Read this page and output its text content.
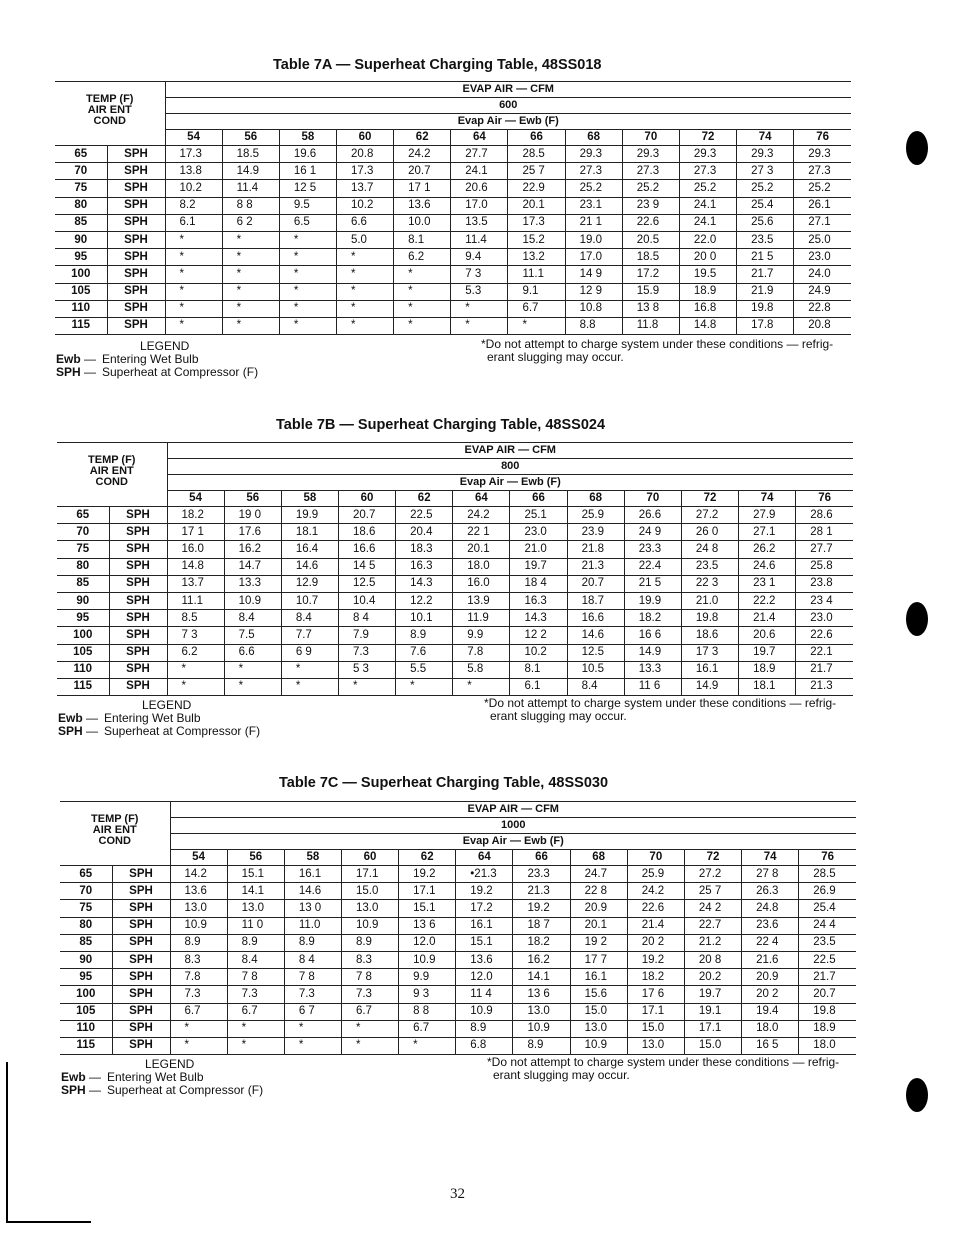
Table 7A — Superheat Charging Table, 48SS018
TEMP (F)
AIR ENT
COND		EVAP AIR — CFM											
		600											
		Evap Air — Ewb (F)											
		54	56	58	60	62	64	66	68	70	72	74	76
65	SPH	17.3	18.5	19.6	20.8	24.2	27.7	28.5	29.3	29.3	29.3	29.3	29.3
70	SPH	13.8	14.9	16 1	17.3	20.7	24.1	25 7	27.3	27.3	27.3	27 3	27.3
75	SPH	10.2	11.4	12 5	13.7	17 1	20.6	22.9	25.2	25.2	25.2	25.2	25.2
80	SPH	8.2	8 8	9.5	10.2	13.6	17.0	20.1	23.1	23 9	24.1	25.4	26.1
85	SPH	6.1	6 2	6.5	6.6	10.0	13.5	17.3	21 1	22.6	24.1	25.6	27.1
90	SPH	*	*	*	5.0	8.1	11.4	15.2	19.0	20.5	22.0	23.5	25.0
95	SPH	*	*	*	*	6.2	9.4	13.2	17.0	18.5	20 0	21 5	23.0
100	SPH	*	*	*	*	*	7 3	11.1	14 9	17.2	19.5	21.7	24.0
105	SPH	*	*	*	*	*	5.3	9.1	12 9	15.9	18.9	21.9	24.9
110	SPH	*	*	*	*	*	*	6.7	10.8	13 8	16.8	19.8	22.8
115	SPH	*	*	*	*	*	*	*	8.8	11.8	14.8	17.8	20.8
LEGEND
Ewb — Entering Wet Bulb
SPH — Superheat at Compressor (F)
*Do not attempt to charge system under these conditions — refrig-
erant slugging may occur.
Table 7B — Superheat Charging Table, 48SS024
TEMP (F)
AIR ENT
COND		EVAP AIR — CFM											
		800											
		Evap Air — Ewb (F)											
		54	56	58	60	62	64	66	68	70	72	74	76
65	SPH	18.2	19 0	19.9	20.7	22.5	24.2	25.1	25.9	26.6	27.2	27.9	28.6
70	SPH	17 1	17.6	18.1	18.6	20.4	22 1	23.0	23.9	24 9	26 0	27.1	28 1
75	SPH	16.0	16.2	16.4	16.6	18.3	20.1	21.0	21.8	23.3	24 8	26.2	27.7
80	SPH	14.8	14.7	14.6	14 5	16.3	18.0	19.7	21.3	22.4	23.5	24.6	25.8
85	SPH	13.7	13.3	12.9	12.5	14.3	16.0	18 4	20.7	21 5	22 3	23 1	23.8
90	SPH	11.1	10.9	10.7	10.4	12.2	13.9	16.3	18.7	19.9	21.0	22.2	23 4
95	SPH	8.5	8.4	8.4	8 4	10.1	11.9	14.3	16.6	18.2	19.8	21.4	23.0
100	SPH	7 3	7.5	7.7	7.9	8.9	9.9	12 2	14.6	16 6	18.6	20.6	22.6
105	SPH	6.2	6.6	6 9	7.3	7.6	7.8	10.2	12.5	14.9	17 3	19.7	22.1
110	SPH	*	*	*	5 3	5.5	5.8	8.1	10.5	13.3	16.1	18.9	21.7
115	SPH	*	*	*	*	*	*	6.1	8.4	11 6	14.9	18.1	21.3
LEGEND
Ewb — Entering Wet Bulb
SPH — Superheat at Compressor (F)
*Do not attempt to charge system under these conditions — refrig-
erant slugging may occur.
Table 7C — Superheat Charging Table, 48SS030
TEMP (F)
AIR ENT
COND		EVAP AIR — CFM											
		1000											
		Evap Air — Ewb (F)											
		54	56	58	60	62	64	66	68	70	72	74	76
65	SPH	14.2	15.1	16.1	17.1	19.2	•21.3	23.3	24.7	25.9	27.2	27 8	28.5
70	SPH	13.6	14.1	14.6	15.0	17.1	19.2	21.3	22 8	24.2	25 7	26.3	26.9
75	SPH	13.0	13.0	13 0	13.0	15.1	17.2	19.2	20.9	22.6	24 2	24.8	25.4
80	SPH	10.9	11 0	11.0	10.9	13 6	16.1	18 7	20.1	21.4	22.7	23.6	24 4
85	SPH	8.9	8.9	8.9	8.9	12.0	15.1	18.2	19 2	20 2	21.2	22 4	23.5
90	SPH	8.3	8.4	8 4	8.3	10.9	13.6	16.2	17 7	19.2	20 8	21.6	22.5
95	SPH	7.8	7 8	7 8	7 8	9.9	12.0	14.1	16.1	18.2	20.2	20.9	21.7
100	SPH	7.3	7.3	7.3	7.3	9 3	11 4	13 6	15.6	17 6	19.7	20 2	20.7
105	SPH	6.7	6.7	6 7	6.7	8 8	10.9	13.0	15.0	17.1	19.1	19.4	19.8
110	SPH	*	*	*	*	6.7	8.9	10.9	13.0	15.0	17.1	18.0	18.9
115	SPH	*	*	*	*	*	6.8	8.9	10.9	13.0	15.0	16 5	18.0
LEGEND
Ewb — Entering Wet Bulb
SPH — Superheat at Compressor (F)
*Do not attempt to charge system under these conditions — refrig-
erant slugging may occur.
32
